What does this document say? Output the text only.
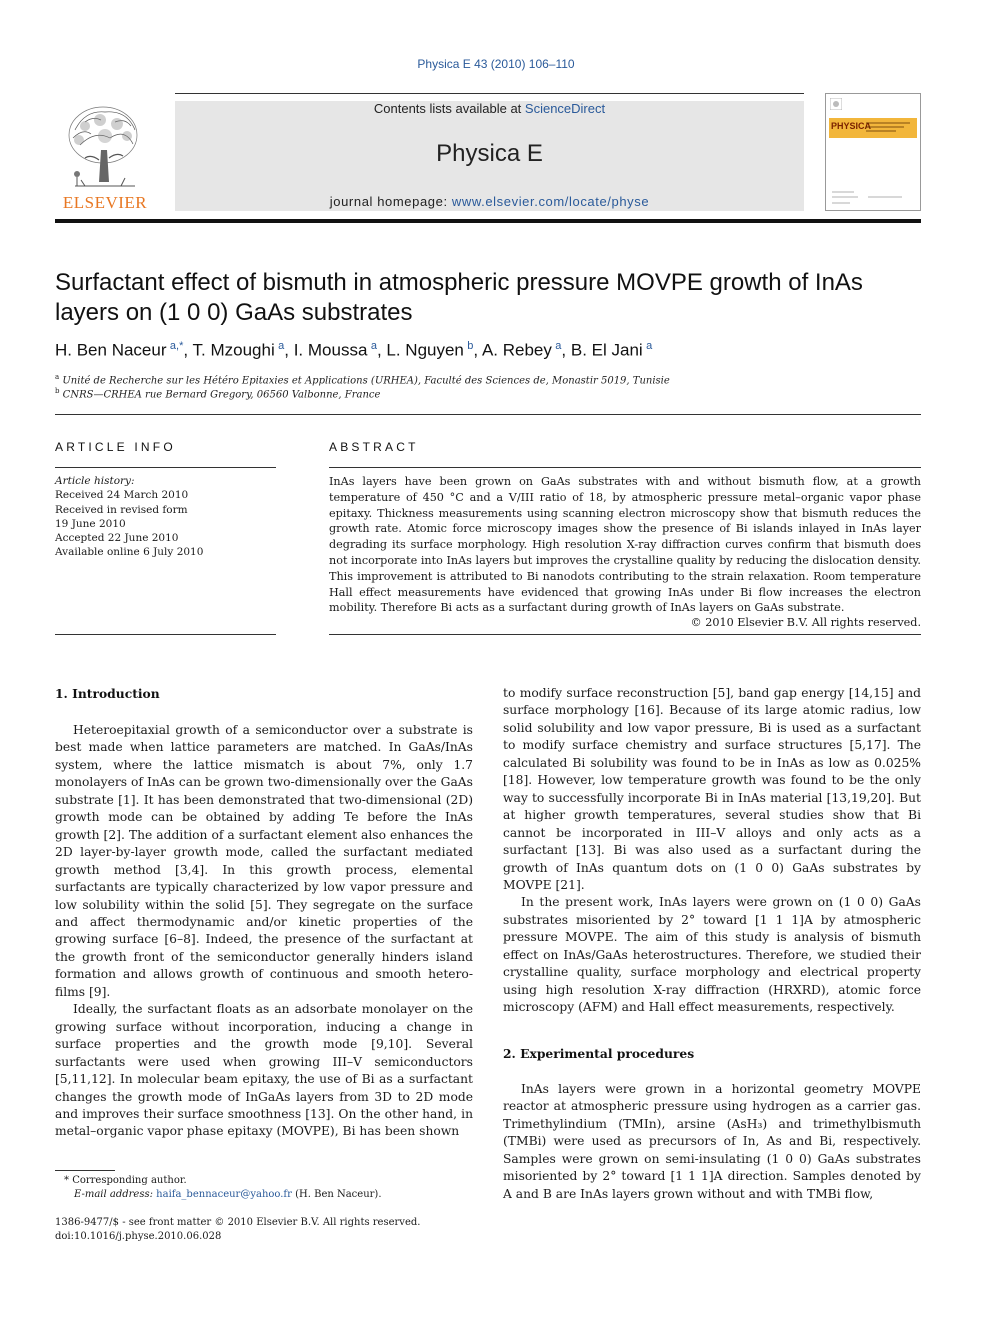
Physica E 43 (2010) 106–110
Contents lists available at ScienceDirect
Physica E
journal homepage: www.elsevier.com/locate/physe
ELSEVIER
PHYSICA
Surfactant effect of bismuth in atmospheric pressure MOVPE growth of InAs
layers on (1 0 0) GaAs substrates
H. Ben Naceur  $^{a,*}$, T. Mzoughi  $^a$, I. Moussa  $^a$, L. Nguyen  $^b$, A. Rebey  $^a$, B. El Jani  $^a$
$^a$ Unité de Recherche sur les Hétéro Epitaxies et Applications (URHEA), Faculté des Sciences de, Monastir 5019, Tunisie
$^b$ CNRS—CRHEA rue Bernard Gregory, 06560 Valbonne, France
ARTICLE INFO	ABSTRACT
Article history:
Received 24 March 2010
Received in revised form
19 June 2010
Accepted 22 June 2010
Available online 6 July 2010
InAs layers have been grown on GaAs substrates with and without bismuth flow, at a growth temperature of 450 °C and a V/III ratio of 18, by atmospheric pressure metal–organic vapor phase epitaxy. Thickness measurements using scanning electron microscopy show that bismuth reduces the growth rate. Atomic force microscopy images show the presence of Bi islands inlayed in InAs layer degrading its surface morphology. High resolution X-ray diffraction curves confirm that bismuth does not incorporate into InAs layers but improves the crystalline quality by reducing the dislocation density. This improvement is attributed to Bi nanodots contributing to the strain relaxation. Room temperature Hall effect measurements have evidenced that growing InAs under Bi flow increases the electron mobility. Therefore Bi acts as a surfactant during growth of InAs layers on GaAs substrate.
© 2010 Elsevier B.V. All rights reserved.
1. Introduction

Heteroepitaxial growth of a semiconductor over a substrate is best made when lattice parameters are matched. In GaAs/InAs system, where the lattice mismatch is about 7%, only 1.7 monolayers of InAs can be grown two-dimensionally over the GaAs substrate [1]. It has been demonstrated that two-dimensional (2D) growth mode can be obtained by adding Te before the InAs growth [2]. The addition of a surfactant element also enhances the 2D layer-by-layer growth mode, called the surfactant mediated growth method [3,4]. In this growth process, elemental surfactants are typically characterized by low vapor pressure and low solubility within the solid [5]. They segregate on the surface and affect thermodynamic and/or kinetic properties of the growing surface [6–8]. Indeed, the presence of the surfactant at the growth front of the semiconductor generally hinders island formation and allows growth of continuous and smooth hetero-films [9].

Ideally, the surfactant floats as an adsorbate monolayer on the growing surface without incorporation, inducing a change in surface properties and the growth mode [9,10]. Several surfactants were used when growing III–V semiconductors [5,11,12]. In molecular beam epitaxy, the use of Bi as a surfactant changes the growth mode of InGaAs layers from 3D to 2D mode and improves their surface smoothness [13]. On the other hand, in metal–organic vapor phase epitaxy (MOVPE), Bi has been shown

to modify surface reconstruction [5], band gap energy [14,15] and surface morphology [16]. Because of its large atomic radius, low solid solubility and low vapor pressure, Bi is used as a surfactant to modify surface chemistry and surface structures [5,17]. The calculated Bi solubility was found to be in InAs as low as 0.025% [18]. However, low temperature growth was found to be the only way to successfully incorporate Bi in InAs material [13,19,20]. But at higher growth temperatures, several studies show that Bi cannot be incorporated in III–V alloys and only acts as a surfactant [13]. Bi was also used as a surfactant during the growth of InAs quantum dots on (1 0 0) GaAs substrates by MOVPE [21].

In the present work, InAs layers were grown on (1 0 0) GaAs substrates misoriented by 2° toward [1 1 1]A by atmospheric pressure MOVPE. The aim of this study is analysis of bismuth effect on InAs/GaAs heterostructures. Therefore, we studied their crystalline quality, surface morphology and electrical property using high resolution X-ray diffraction (HRXRD), atomic force microscopy (AFM) and Hall effect measurements, respectively.

2. Experimental procedures

InAs layers were grown in a horizontal geometry MOVPE reactor at atmospheric pressure using hydrogen as a carrier gas. Trimethylindium (TMIn), arsine (AsH₃) and trimethylbismuth (TMBi) were used as precursors of In, As and Bi, respectively. Samples were grown on semi-insulating (1 0 0) GaAs substrates misoriented by 2° toward [1 1 1]A direction. Samples denoted by A and B are InAs layers grown without and with TMBi flow,

* Corresponding author.
E-mail address: haifa_bennaceur@yahoo.fr (H. Ben Naceur).
1386-9477/$ - see front matter © 2010 Elsevier B.V. All rights reserved.
doi:10.1016/j.physe.2010.06.028
